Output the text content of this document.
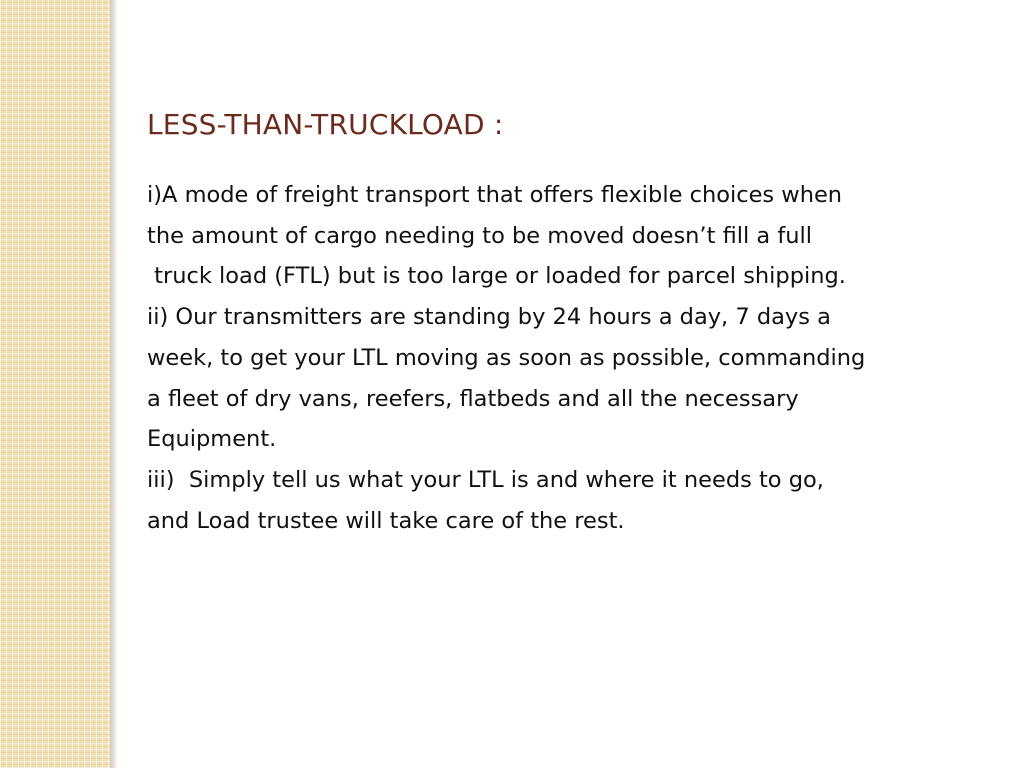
LESS-THAN-TRUCKLOAD :
i)A mode of freight transport that offers flexible choices when
the amount of cargo needing to be moved doesn’t fill a full
truck load (FTL) but is too large or loaded for parcel shipping.
ii) Our transmitters are standing by 24 hours a day, 7 days a
week, to get your LTL moving as soon as possible, commanding
a fleet of dry vans, reefers, flatbeds and all the necessary
Equipment.
iii)  Simply tell us what your LTL is and where it needs to go,
and Load trustee will take care of the rest.
